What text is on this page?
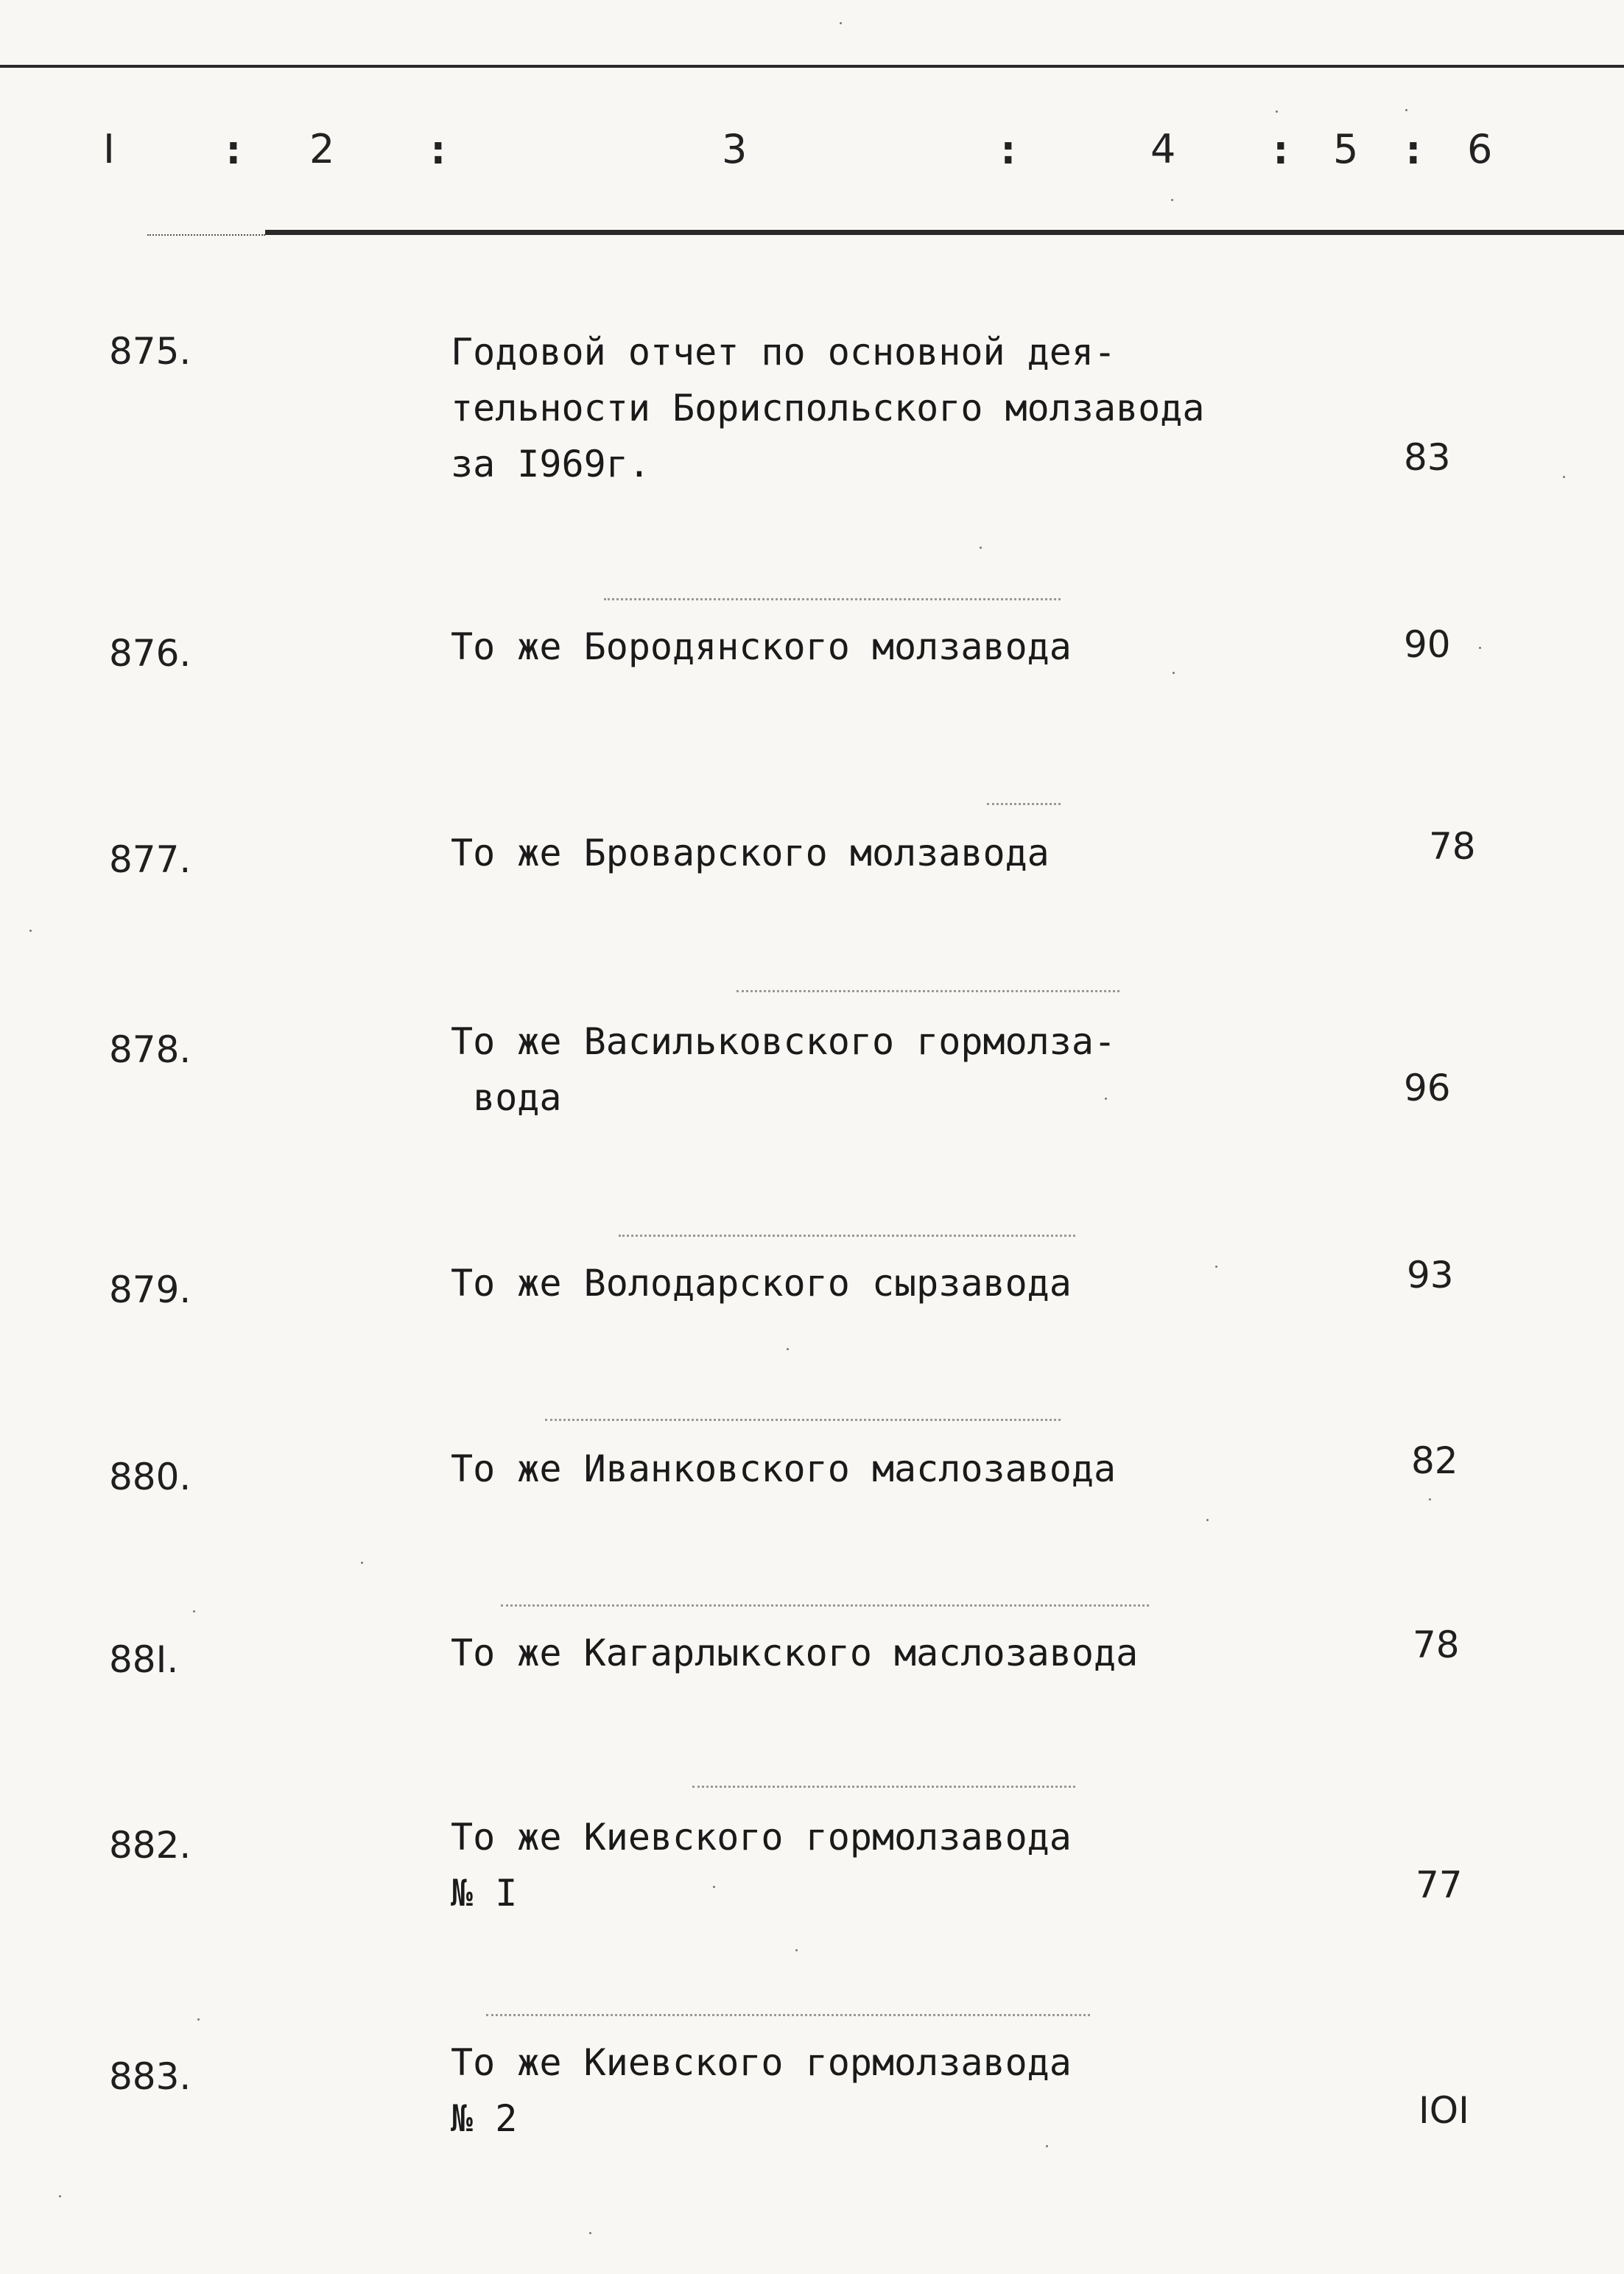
I	: 2 :	3	:	4 : 5 : 6
875.	Годовой отчет по основной дея-
тельности Бориспольского молзавода
за I969г.	83
876.	То же Бородянского молзавода	90
877.	То же Броварского молзавода	78
878.	То же Васильковского гормолза-
вода	96
879.	То же Володарского сырзавода	93
880.	То же Иванковского маслозавода	82
88I.	То же Кагарлыкского маслозавода	78
882.	То же Киевского гормолзавода
№ I	77
883.	То же Киевского гормолзавода
№ 2	IOI
